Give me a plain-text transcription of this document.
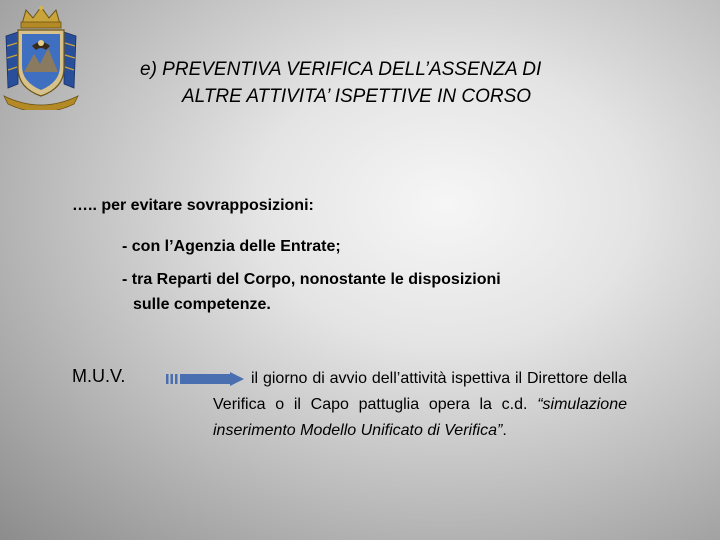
e) PREVENTIVA VERIFICA DELL’ASSENZA DI
ALTRE ATTIVITA’ ISPETTIVE IN CORSO
….. per evitare sovrapposizioni:
- con l’Agenzia delle Entrate;
- tra Reparti del Corpo, nonostante le disposizioni
sulle competenze.
M.U.V.	il giorno di avvio dell’attività ispettiva il Direttore della Verifica o il Capo pattuglia opera la c.d. “simulazione inserimento Modello Unificato di Verifica”.
